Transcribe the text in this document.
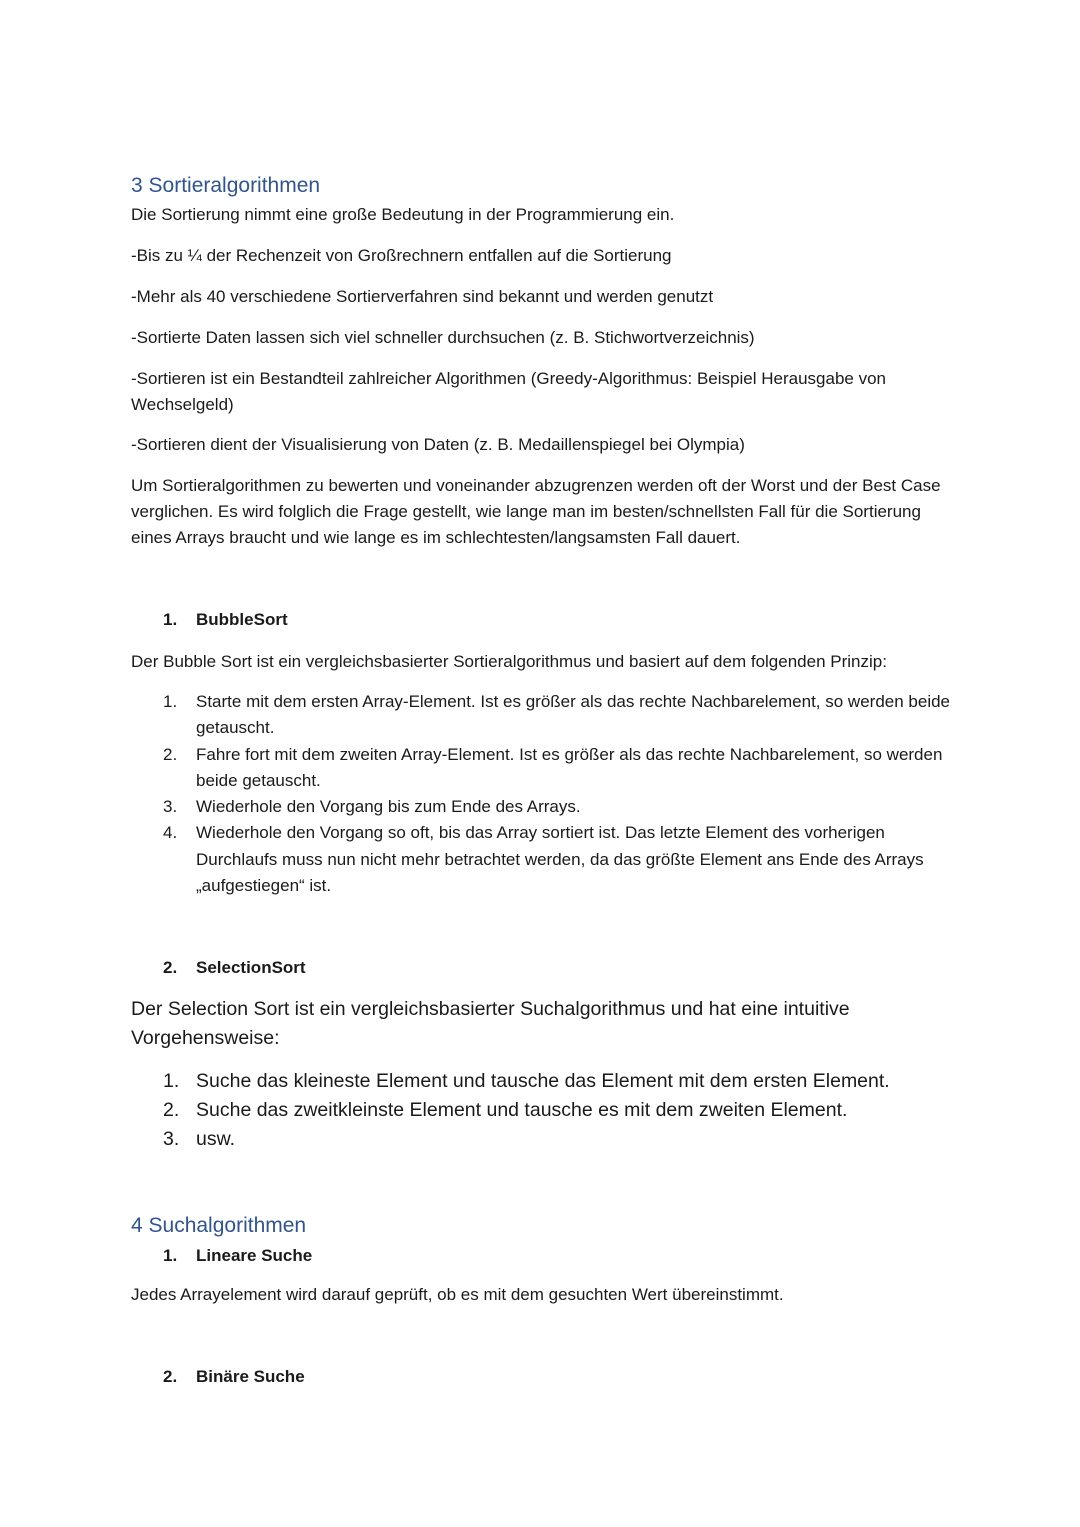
3 Sortieralgorithmen

Die Sortierung nimmt eine große Bedeutung in der Programmierung ein.

-Bis zu ¼ der Rechenzeit von Großrechnern entfallen auf die Sortierung

-Mehr als 40 verschiedene Sortierverfahren sind bekannt und werden genutzt

-Sortierte Daten lassen sich viel schneller durchsuchen (z. B. Stichwortverzeichnis)

-Sortieren ist ein Bestandteil zahlreicher Algorithmen (Greedy-Algorithmus: Beispiel Herausgabe von Wechselgeld)

-Sortieren dient der Visualisierung von Daten (z. B. Medaillenspiegel bei Olympia)

Um Sortieralgorithmen zu bewerten und voneinander abzugrenzen werden oft der Worst und der Best Case verglichen. Es wird folglich die Frage gestellt, wie lange man im besten/schnellsten Fall für die Sortierung eines Arrays braucht und wie lange es im schlechtesten/langsamsten Fall dauert.

1. BubbleSort

Der Bubble Sort ist ein vergleichsbasierter Sortieralgorithmus und basiert auf dem folgenden Prinzip:

1. Starte mit dem ersten Array-Element. Ist es größer als das rechte Nachbarelement, so werden beide getauscht.
2. Fahre fort mit dem zweiten Array-Element. Ist es größer als das rechte Nachbarelement, so werden beide getauscht.
3. Wiederhole den Vorgang bis zum Ende des Arrays.
4. Wiederhole den Vorgang so oft, bis das Array sortiert ist. Das letzte Element des vorherigen Durchlaufs muss nun nicht mehr betrachtet werden, da das größte Element ans Ende des Arrays „aufgestiegen“ ist.

2. SelectionSort

Der Selection Sort ist ein vergleichsbasierter Suchalgorithmus und hat eine intuitive Vorgehensweise:

1. Suche das kleineste Element und tausche das Element mit dem ersten Element.
2. Suche das zweitkleinste Element und tausche es mit dem zweiten Element.
3. usw.
4 Suchalgorithmen

1. Lineare Suche

Jedes Arrayelement wird darauf geprüft, ob es mit dem gesuchten Wert übereinstimmt.

2. Binäre Suche
